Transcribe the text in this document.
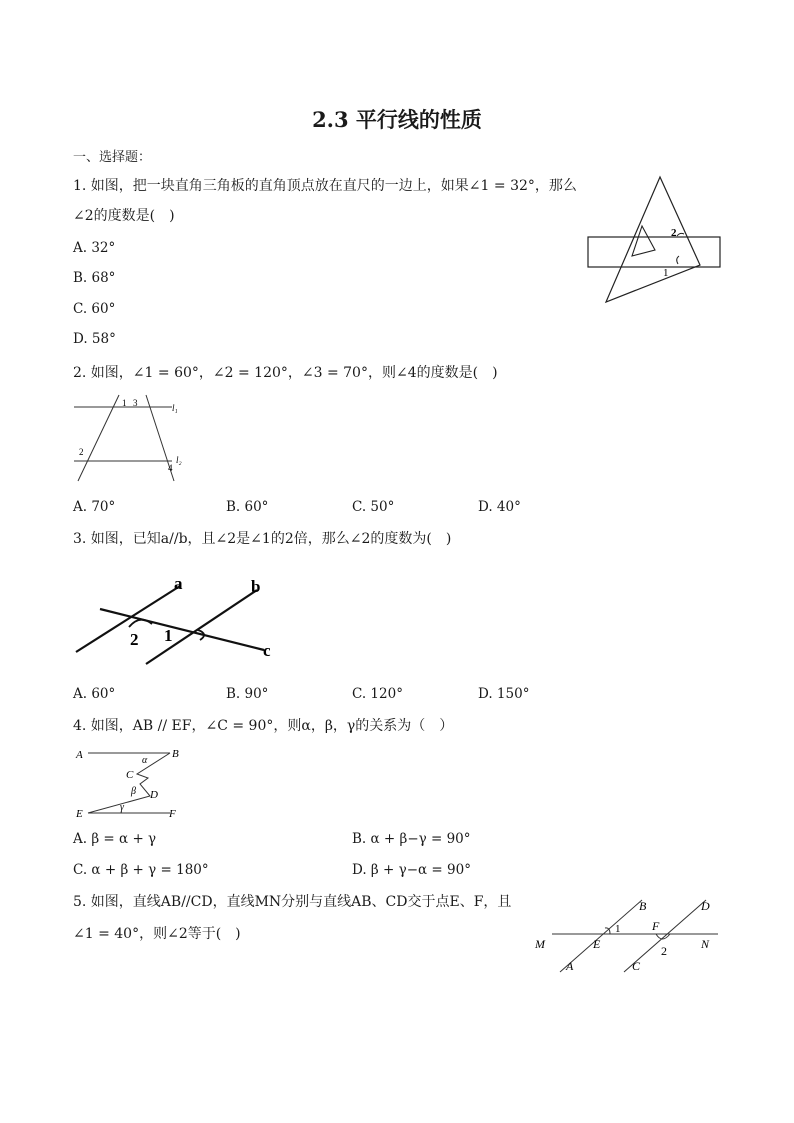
2.3 平行线的性质
一、选择题：
1. 如图，把一块直角三角板的直角顶点放在直尺的一边上，如果∠1 = 32°，那么
∠2的度数是(　)
A. 32°
B. 68°
C. 60°
D. 58°
2
1
2. 如图，∠1 = 60°，∠2 = 120°，∠3 = 70°，则∠4的度数是(　)
1 3	l₁
2
l₂
4
A. 70°	B. 60°	C. 50°	D. 40°
3. 如图，已知a//b，且∠2是∠1的2倍，那么∠2的度数为(　)
a	b
c
2 1
A. 60°	B. 90°	C. 120°	D. 150°
4. 如图，AB // EF，∠C = 90°，则α，β，γ的关系为（　）
A	B
α
C
β D
E
γ
F
A. β = α + γ	B. α + β−γ = 90°
C. α + β + γ = 180°	D. β + γ−α = 90°
5. 如图，直线AB//CD，直线MN分别与直线AB、CD交于点E、F，且
∠1 = 40°，则∠2等于(　)
B	D
M	E
1	F
2	N
A	C
